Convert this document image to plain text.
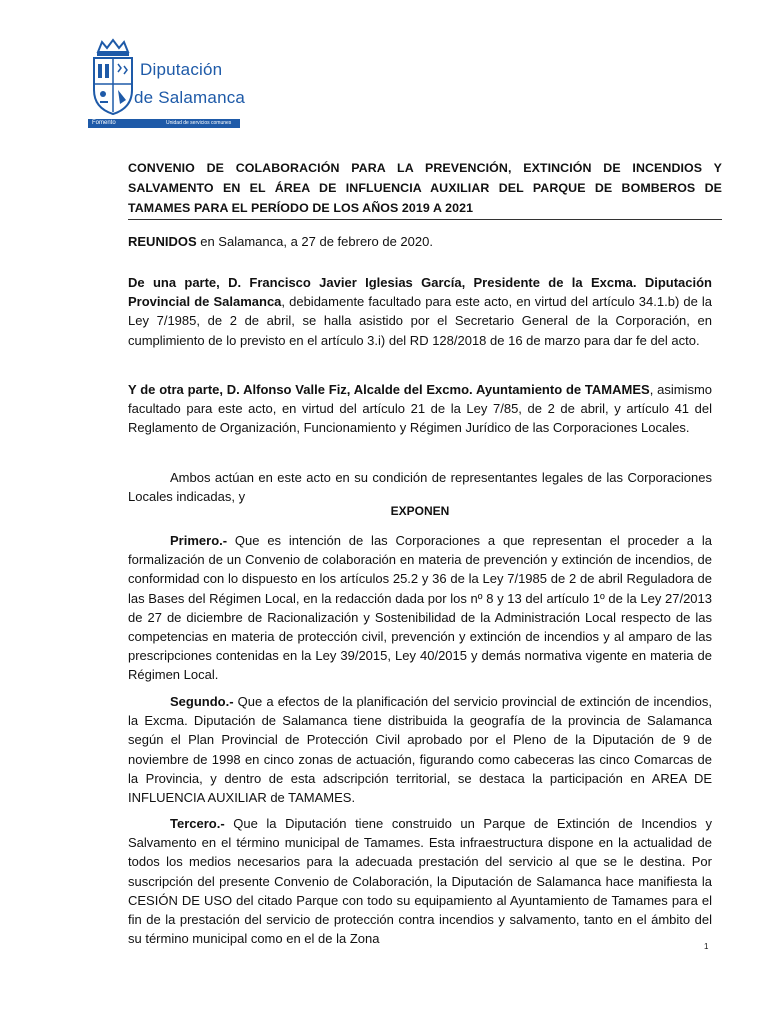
Diputación
de Salamanca
Fomento	Unidad de servicios comunes
CONVENIO DE COLABORACIÓN PARA LA PREVENCIÓN, EXTINCIÓN DE INCENDIOS Y SALVAMENTO EN EL ÁREA DE INFLUENCIA AUXILIAR DEL PARQUE DE BOMBEROS DE TAMAMES PARA EL PERÍODO DE LOS AÑOS 2019 A 2021

REUNIDOS en Salamanca, a 27 de febrero de 2020.

De una parte, D. Francisco Javier Iglesias García, Presidente de la Excma. Diputación Provincial de Salamanca, debidamente facultado para este acto, en virtud del artículo 34.1.b) de la Ley 7/1985, de 2 de abril, se halla asistido por el Secretario General de la Corporación, en cumplimiento de lo previsto en el artículo 3.i) del RD 128/2018 de 16 de marzo para dar fe del acto.

Y de otra parte, D. Alfonso Valle Fiz, Alcalde del Excmo. Ayuntamiento de TAMAMES, asimismo facultado para este acto, en virtud del artículo 21 de la Ley 7/85, de 2 de abril, y artículo 41 del Reglamento de Organización, Funcionamiento y Régimen Jurídico de las Corporaciones Locales.

Ambos actúan en este acto en su condición de representantes legales de las Corporaciones Locales indicadas, y

EXPONEN

Primero.- Que es intención de las Corporaciones a que representan el proceder a la formalización de un Convenio de colaboración en materia de prevención y extinción de incendios, de conformidad con lo dispuesto en los artículos 25.2 y 36 de la Ley 7/1985 de 2 de abril Reguladora de las Bases del Régimen Local, en la redacción dada por los nº 8 y 13 del artículo 1º de la Ley 27/2013 de 27 de diciembre de Racionalización y Sostenibilidad de la Administración Local respecto de las competencias en materia de protección civil, prevención y extinción de incendios y al amparo de las prescripciones contenidas en la Ley 39/2015, Ley 40/2015 y demás normativa vigente en materia de Régimen Local.

Segundo.- Que a efectos de la planificación del servicio provincial de extinción de incendios, la Excma. Diputación de Salamanca tiene distribuida la geografía de la provincia de Salamanca según el Plan Provincial de Protección Civil aprobado por el Pleno de la Diputación de 9 de noviembre de 1998 en cinco zonas de actuación, figurando como cabeceras las cinco Comarcas de la Provincia, y dentro de esta adscripción territorial, se destaca la participación en AREA DE INFLUENCIA AUXILIAR de TAMAMES.

Tercero.- Que la Diputación tiene construido un Parque de Extinción de Incendios y Salvamento en el término municipal de Tamames. Esta infraestructura dispone en la actualidad de todos los medios necesarios para la adecuada prestación del servicio al que se le destina. Por suscripción del presente Convenio de Colaboración, la Diputación de Salamanca hace manifiesta la CESIÓN DE USO del citado Parque con todo su equipamiento al Ayuntamiento de Tamames para el fin de la prestación del servicio de protección contra incendios y salvamento, tanto en el ámbito del su término municipal como en el de la Zona

1
